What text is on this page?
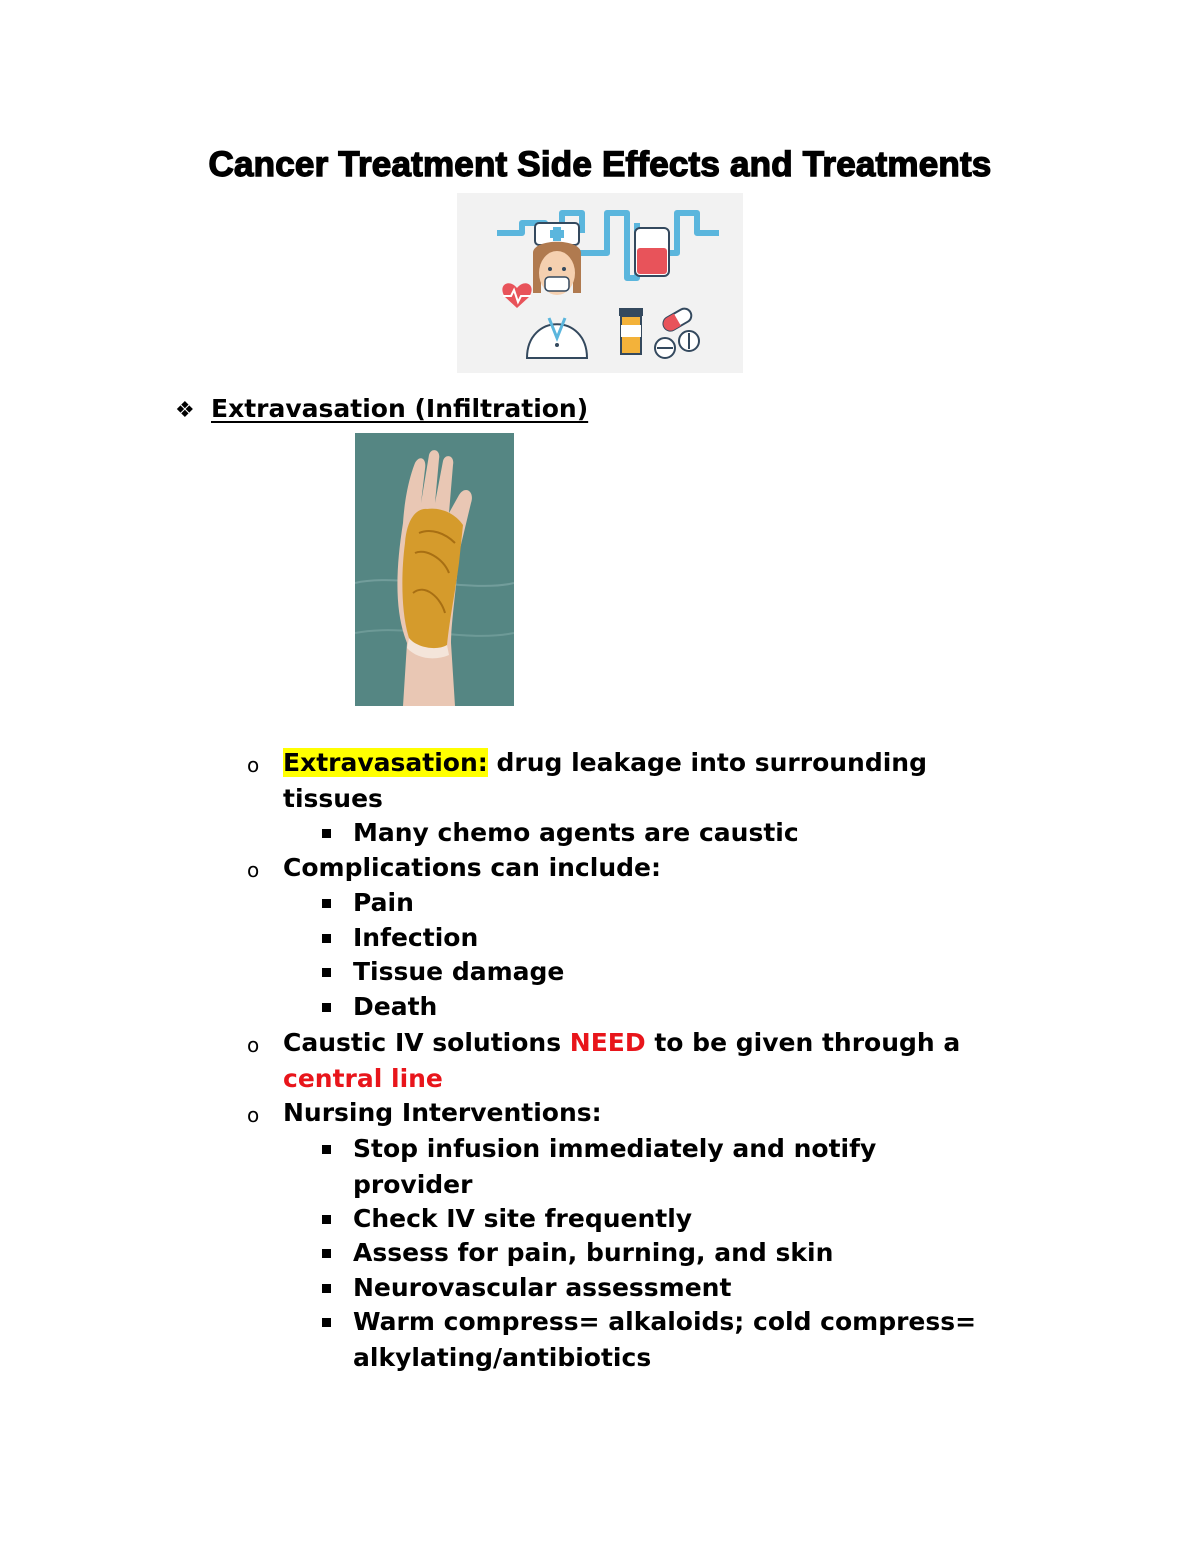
Cancer Treatment Side Effects and Treatments
❖ Extravasation (Infiltration)
o Extravasation: drug leakage into surrounding
tissues
Many chemo agents are caustic
o Complications can include:
Pain
Infection
Tissue damage
Death
o Caustic IV solutions NEED to be given through a
central line
o Nursing Interventions:
Stop infusion immediately and notify
provider
Check IV site frequently
Assess for pain, burning, and skin
Neurovascular assessment
Warm compress= alkaloids; cold compress=
alkylating/antibiotics
